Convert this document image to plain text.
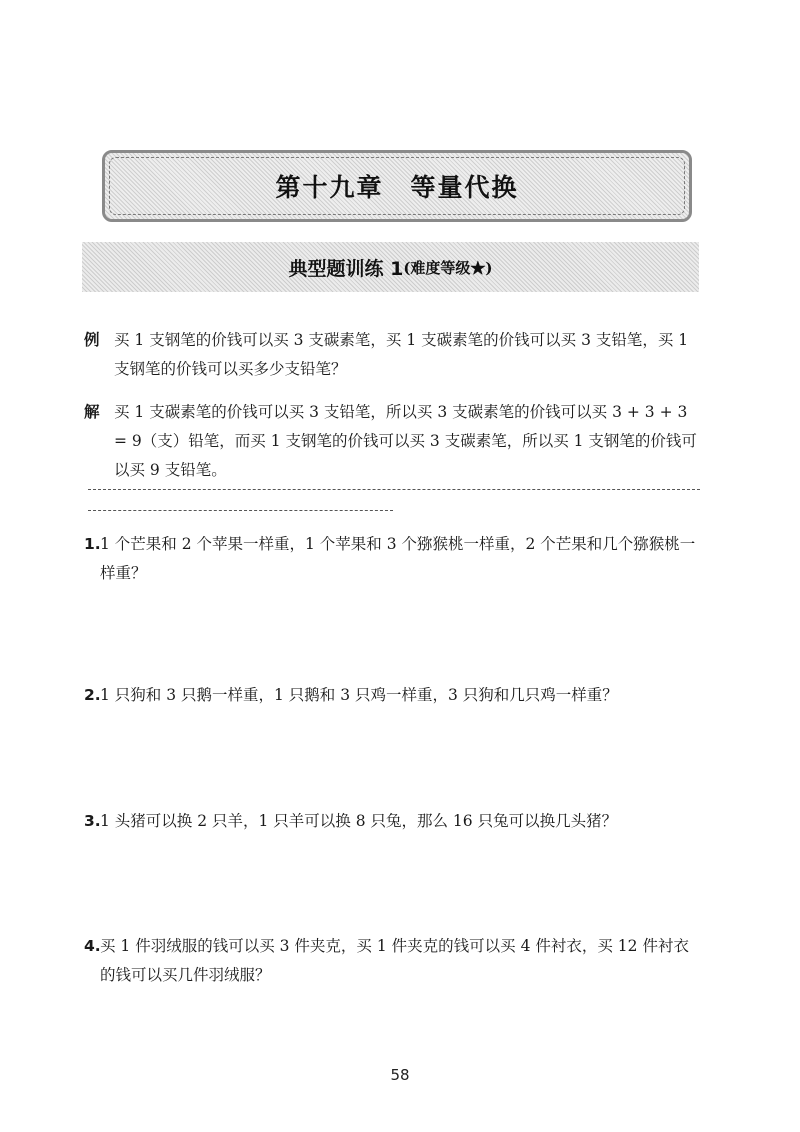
第十九章　等量代换
典型题训练 1 (难度等级★)
例 买 1 支钢笔的价钱可以买 3 支碳素笔，买 1 支碳素笔的价钱可以买 3 支铅笔，买 1 支钢笔的价钱可以买多少支铅笔？
解 买 1 支碳素笔的价钱可以买 3 支铅笔，所以买 3 支碳素笔的价钱可以买 3 + 3 + 3 = 9（支）铅笔，而买 1 支钢笔的价钱可以买 3 支碳素笔，所以买 1 支钢笔的价钱可以买 9 支铅笔。
1. 1 个芒果和 2 个苹果一样重，1 个苹果和 3 个猕猴桃一样重，2 个芒果和几个猕猴桃一样重？
2. 1 只狗和 3 只鹅一样重，1 只鹅和 3 只鸡一样重，3 只狗和几只鸡一样重？
3. 1 头猪可以换 2 只羊，1 只羊可以换 8 只兔，那么 16 只兔可以换几头猪？
4. 买 1 件羽绒服的钱可以买 3 件夹克，买 1 件夹克的钱可以买 4 件衬衣，买 12 件衬衣的钱可以买几件羽绒服？
58
